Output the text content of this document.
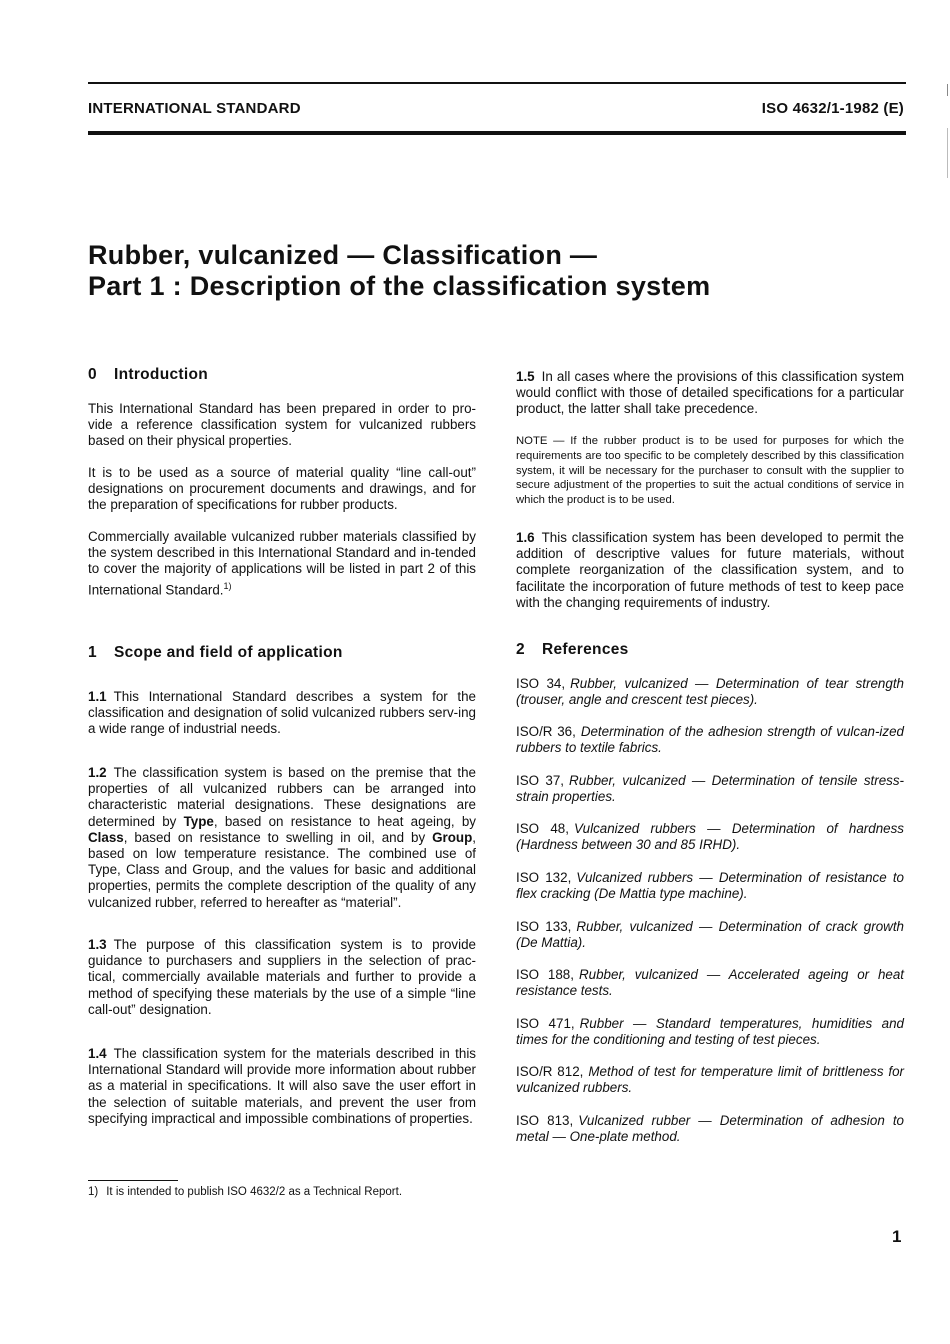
INTERNATIONAL STANDARD	ISO 4632/1-1982 (E)
Rubber, vulcanized — Classification —
Part 1 : Description of the classification system
0 Introduction

This International Standard has been prepared in order to pro-vide a reference classification system for vulcanized rubbers based on their physical properties.

It is to be used as a source of material quality “line call-out” designations on procurement documents and drawings, and for the preparation of specifications for rubber products.

Commercially available vulcanized rubber materials classified by the system described in this International Standard and in-tended to cover the majority of applications will be listed in part 2 of this International Standard.$^{1)}$

1 Scope and field of application

1.1 This International Standard describes a system for the classification and designation of solid vulcanized rubbers serv-ing a wide range of industrial needs.

1.2 The classification system is based on the premise that the properties of all vulcanized rubbers can be arranged into characteristic material designations. These designations are determined by Type, based on resistance to heat ageing, by Class, based on resistance to swelling in oil, and by Group, based on low temperature resistance. The combined use of Type, Class and Group, and the values for basic and additional properties, permits the complete description of the quality of any vulcanized rubber, referred to hereafter as “material”.

1.3 The purpose of this classification system is to provide guidance to purchasers and suppliers in the selection of prac-tical, commercially available materials and further to provide a method of specifying these materials by the use of a simple “line call-out” designation.

1.4 The classification system for the materials described in this International Standard will provide more information about rubber as a material in specifications. It will also save the user effort in the selection of suitable materials, and prevent the user from specifying impractical and impossible combinations of properties.

1.5 In all cases where the provisions of this classification system would conflict with those of detailed specifications for a particular product, the latter shall take precedence.

NOTE — If the rubber product is to be used for purposes for which the requirements are too specific to be completely described by this classification system, it will be necessary for the purchaser to consult with the supplier to secure adjustment of the properties to suit the actual conditions of service in which the product is to be used.

1.6 This classification system has been developed to permit the addition of descriptive values for future materials, without complete reorganization of the classification system, and to facilitate the incorporation of future methods of test to keep pace with the changing requirements of industry.

2 References
ISO 34, Rubber, vulcanized — Determination of tear strength (trouser, angle and crescent test pieces).
ISO/R 36, Determination of the adhesion strength of vulcan-ized rubbers to textile fabrics.
ISO 37, Rubber, vulcanized — Determination of tensile stress-strain properties.
ISO 48, Vulcanized rubbers — Determination of hardness (Hardness between 30 and 85 IRHD).
ISO 132, Vulcanized rubbers — Determination of resistance to flex cracking (De Mattia type machine).
ISO 133, Rubber, vulcanized — Determination of crack growth (De Mattia).
ISO 188, Rubber, vulcanized — Accelerated ageing or heat resistance tests.
ISO 471, Rubber — Standard temperatures, humidities and times for the conditioning and testing of test pieces.
ISO/R 812, Method of test for temperature limit of brittleness for vulcanized rubbers.
ISO 813, Vulcanized rubber — Determination of adhesion to metal — One-plate method.
1) It is intended to publish ISO 4632/2 as a Technical Report.
1
